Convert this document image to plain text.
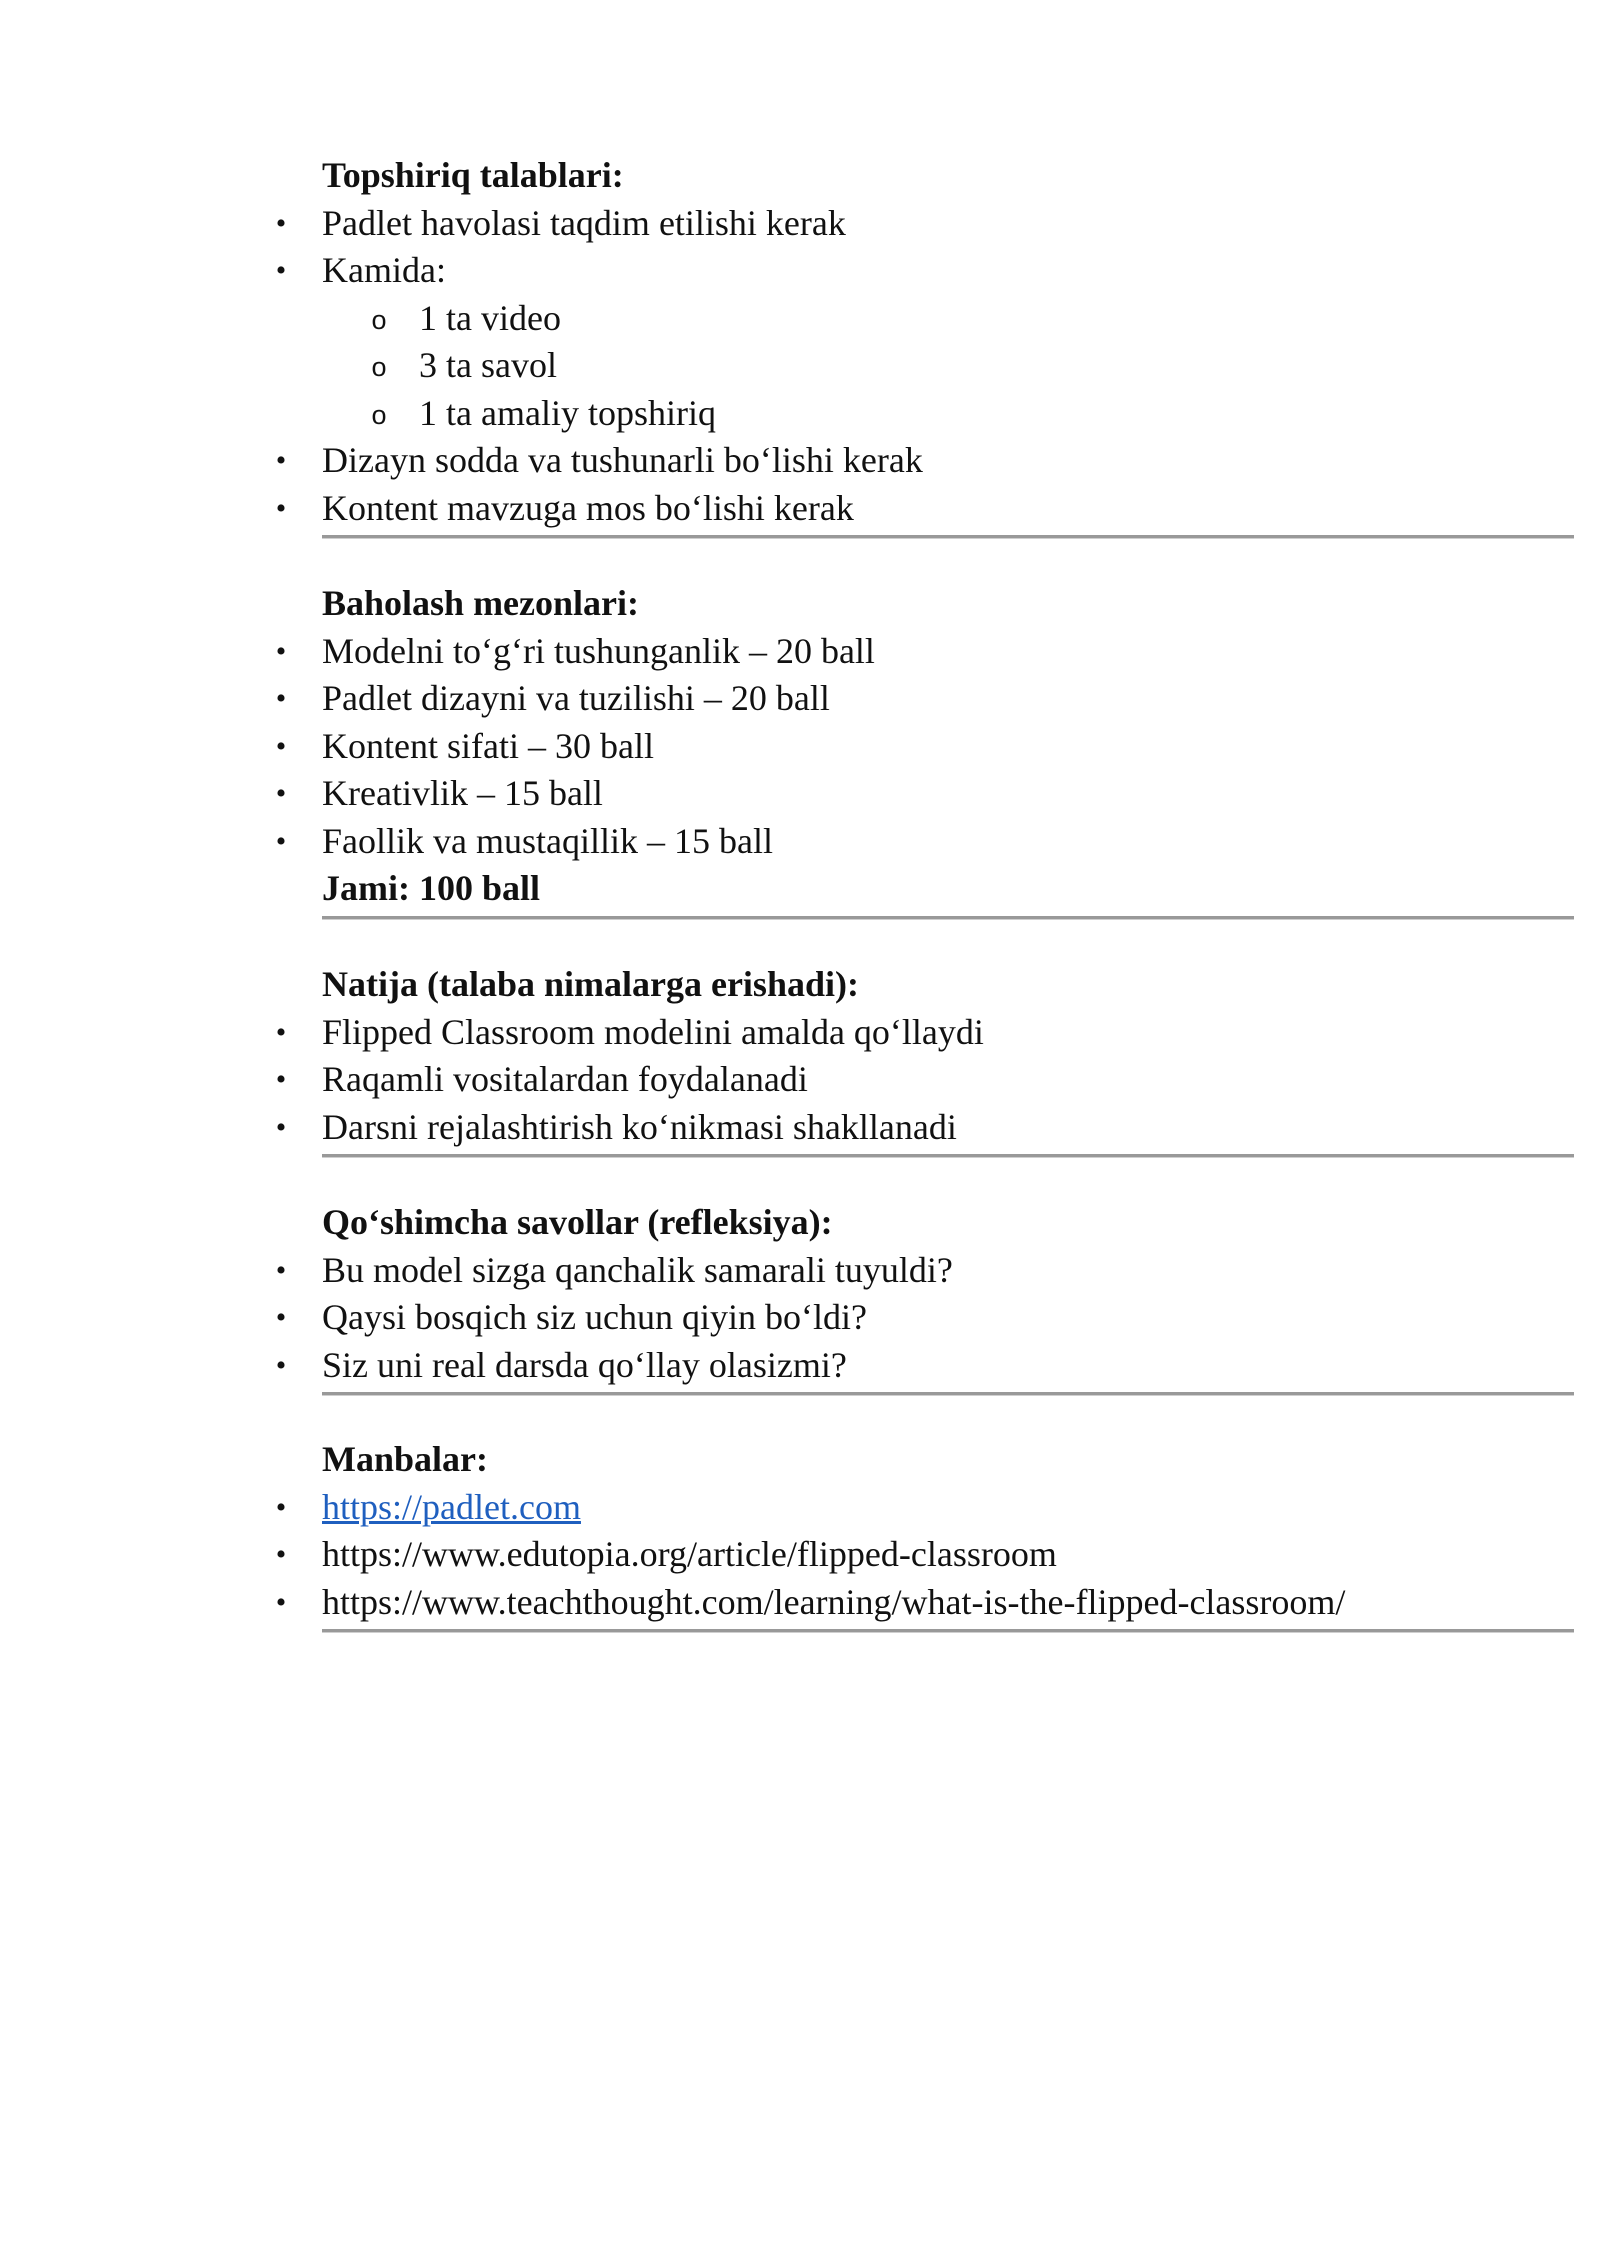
Topshiriq talablari:
• Padlet havolasi taqdim etilishi kerak
• Kamida:
o 1 ta video
o 3 ta savol
o 1 ta amaliy topshiriq
• Dizayn sodda va tushunarli bo‘lishi kerak
• Kontent mavzuga mos bo‘lishi kerak
Baholash mezonlari:
• Modelni to‘g‘ri tushunganlik – 20 ball
• Padlet dizayni va tuzilishi – 20 ball
• Kontent sifati – 30 ball
• Kreativlik – 15 ball
• Faollik va mustaqillik – 15 ball
Jami: 100 ball
Natija (talaba nimalarga erishadi):
• Flipped Classroom modelini amalda qo‘llaydi
• Raqamli vositalardan foydalanadi
• Darsni rejalashtirish ko‘nikmasi shakllanadi
Qo‘shimcha savollar (refleksiya):
• Bu model sizga qanchalik samarali tuyuldi?
• Qaysi bosqich siz uchun qiyin bo‘ldi?
• Siz uni real darsda qo‘llay olasizmi?
Manbalar:
• https://padlet.com
• https://www.edutopia.org/article/flipped-classroom
• https://www.teachthought.com/learning/what-is-the-flipped-classroom/
